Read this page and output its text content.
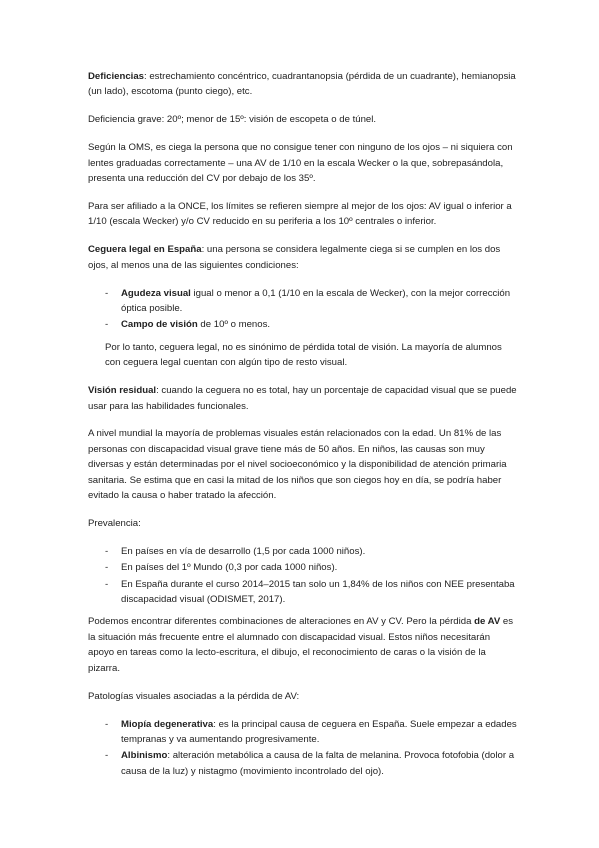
Deficiencias: estrechamiento concéntrico, cuadrantanopsia (pérdida de un cuadrante), hemianopsia (un lado), escotoma (punto ciego), etc.

Deficiencia grave: 20º; menor de 15º: visión de escopeta o de túnel.

Según la OMS, es ciega la persona que no consigue tener con ninguno de los ojos – ni siquiera con lentes graduadas correctamente – una AV de 1/10 en la escala Wecker o la que, sobrepasándola, presenta una reducción del CV por debajo de los 35º.

Para ser afiliado a la ONCE, los límites se refieren siempre al mejor de los ojos: AV igual o inferior a 1/10 (escala Wecker) y/o CV reducido en su periferia a los 10º centrales o inferior.

Ceguera legal en España: una persona se considera legalmente ciega si se cumplen en los dos ojos, al menos una de las siguientes condiciones:

- Agudeza visual igual o menor a 0,1 (1/10 en la escala de Wecker), con la mejor corrección óptica posible.
- Campo de visión de 10º o menos.

Por lo tanto, ceguera legal, no es sinónimo de pérdida total de visión. La mayoría de alumnos con ceguera legal cuentan con algún tipo de resto visual.

Visión residual: cuando la ceguera no es total, hay un porcentaje de capacidad visual que se puede usar para las habilidades funcionales.

A nivel mundial la mayoría de problemas visuales están relacionados con la edad. Un 81% de las personas con discapacidad visual grave tiene más de 50 años. En niños, las causas son muy diversas y están determinadas por el nivel socioeconómico y la disponibilidad de atención primaria sanitaria. Se estima que en casi la mitad de los niños que son ciegos hoy en día, se podría haber evitado la causa o haber tratado la afección.

Prevalencia:

- En países en vía de desarrollo (1,5 por cada 1000 niños).
- En países del 1º Mundo (0,3 por cada 1000 niños).
- En España durante el curso 2014–2015 tan solo un 1,84% de los niños con NEE presentaba discapacidad visual (ODISMET, 2017).

Podemos encontrar diferentes combinaciones de alteraciones en AV y CV. Pero la pérdida de AV es la situación más frecuente entre el alumnado con discapacidad visual. Estos niños necesitarán apoyo en tareas como la lecto-escritura, el dibujo, el reconocimiento de caras o la visión de la pizarra.

Patologías visuales asociadas a la pérdida de AV:

- Miopía degenerativa: es la principal causa de ceguera en España. Suele empezar a edades tempranas y va aumentando progresivamente.
- Albinismo: alteración metabólica a causa de la falta de melanina. Provoca fotofobia (dolor a causa de la luz) y nistagmo (movimiento incontrolado del ojo).
